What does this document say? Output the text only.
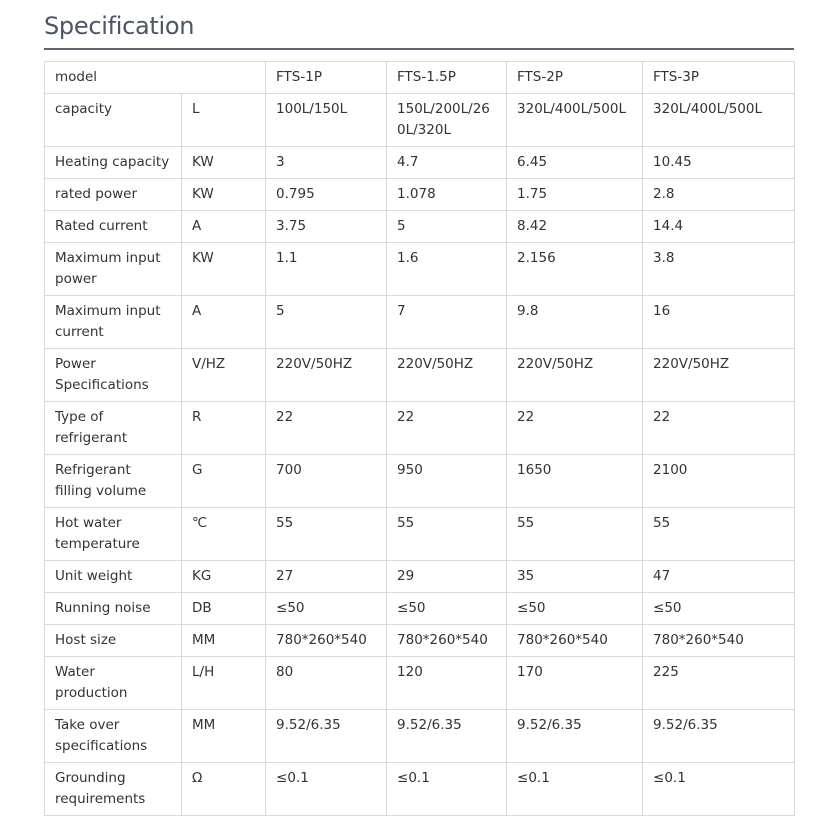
Specification
model		FTS-1P	FTS-1.5P	FTS-2P	FTS-3P
capacity	L	100L/150L	150L/200L/260L/320L	320L/400L/500L	320L/400L/500L
Heating capacity	KW	3	4.7	6.45	10.45
rated power	KW	0.795	1.078	1.75	2.8
Rated current	A	3.75	5	8.42	14.4
Maximum input power	KW	1.1	1.6	2.156	3.8
Maximum input current	A	5	7	9.8	16
Power Specifications	V/HZ	220V/50HZ	220V/50HZ	220V/50HZ	220V/50HZ
Type of refrigerant	R	22	22	22	22
Refrigerant filling volume	G	700	950	1650	2100
Hot water temperature	℃	55	55	55	55
Unit weight	KG	27	29	35	47
Running noise	DB	≤50	≤50	≤50	≤50
Host size	MM	780*260*540	780*260*540	780*260*540	780*260*540
Water production	L/H	80	120	170	225
Take over specifications	MM	9.52/6.35	9.52/6.35	9.52/6.35	9.52/6.35
Grounding requirements	Ω	≤0.1	≤0.1	≤0.1	≤0.1
